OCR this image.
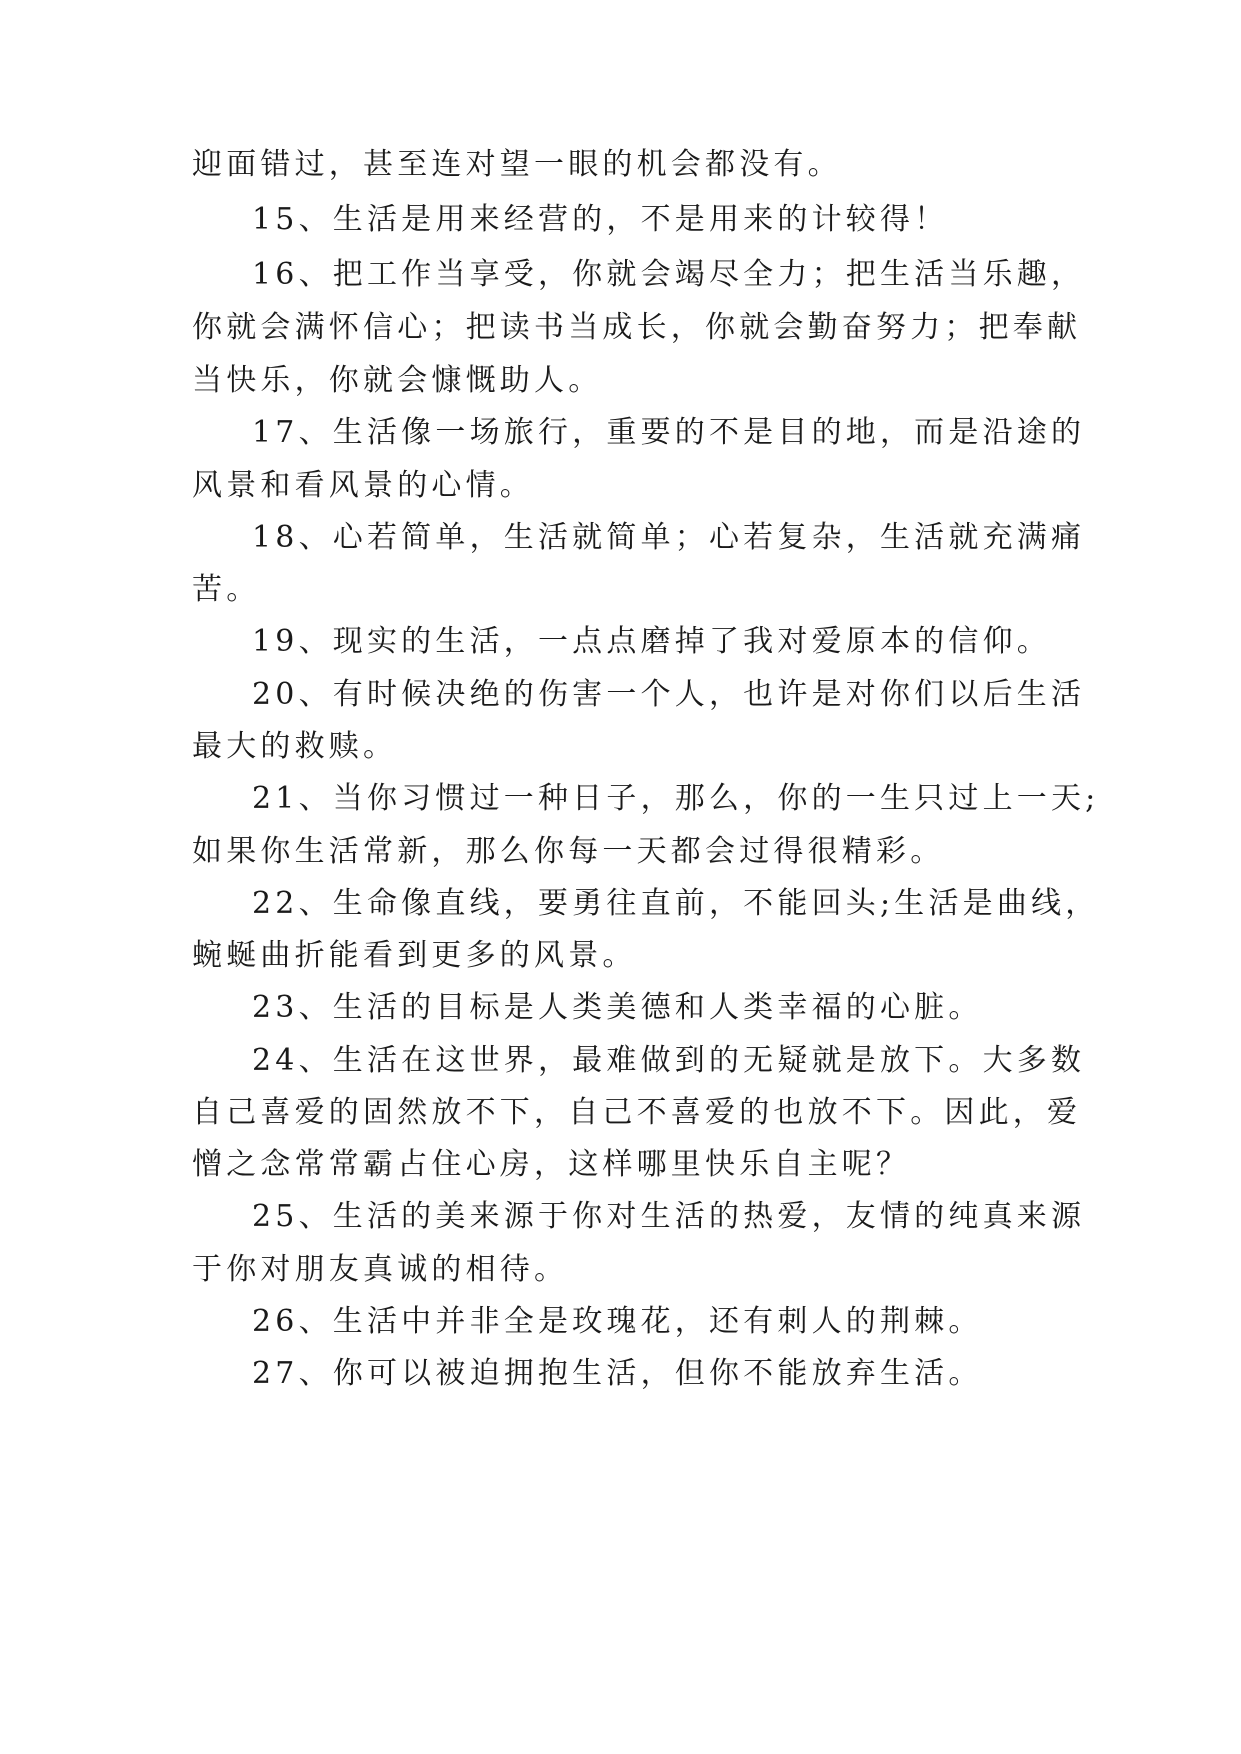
迎面错过，甚至连对望一眼的机会都没有。
15、生活是用来经营的，不是用来的计较得！
16、把工作当享受，你就会竭尽全力；把生活当乐趣，
你就会满怀信心；把读书当成长，你就会勤奋努力；把奉献
当快乐，你就会慷慨助人。
17、生活像一场旅行，重要的不是目的地，而是沿途的
风景和看风景的心情。
18、心若简单，生活就简单；心若复杂，生活就充满痛
苦。
19、现实的生活，一点点磨掉了我对爱原本的信仰。
20、有时候决绝的伤害一个人，也许是对你们以后生活
最大的救赎。
21、当你习惯过一种日子，那么，你的一生只过上一天;
如果你生活常新，那么你每一天都会过得很精彩。
22、生命像直线，要勇往直前，不能回头;生活是曲线，
蜿蜒曲折能看到更多的风景。
23、生活的目标是人类美德和人类幸福的心脏。
24、生活在这世界，最难做到的无疑就是放下。大多数
自己喜爱的固然放不下，自己不喜爱的也放不下。因此，爱
憎之念常常霸占住心房，这样哪里快乐自主呢？
25、生活的美来源于你对生活的热爱，友情的纯真来源
于你对朋友真诚的相待。
26、生活中并非全是玫瑰花，还有刺人的荆棘。
27、你可以被迫拥抱生活，但你不能放弃生活。
